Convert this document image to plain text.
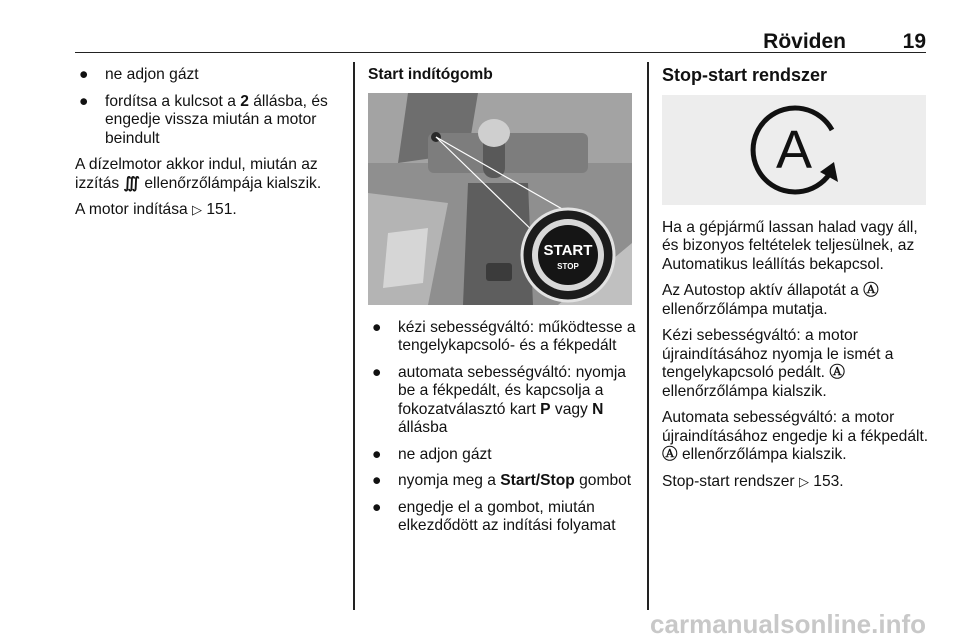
Röviden	19
● ne adjon gázt
● fordítsa a kulcsot a 2 állásba, és engedje vissza miután a motor beindult

A dízelmotor akkor indul, miután az izzítás ∭ ellenőrzőlámpája kialszik.

A motor indítása ▷ 151.

Start indítógomb
START
STOP
● kézi sebességváltó: működtesse a tengelykapcsoló- és a fékpedált
● automata sebességváltó: nyomja be a fékpedált, és kapcsolja a fokozatválasztó kart P vagy N állásba
● ne adjon gázt
● nyomja meg a Start/Stop gombot
● engedje el a gombot, miután elkezdődött az indítási folyamat
Stop-start rendszer
A

Ha a gépjármű lassan halad vagy áll, és bizonyos feltételek teljesülnek, az Automatikus leállítás bekapcsol.

Az Autostop aktív állapotát a Ⓐ ellenőrzőlámpa mutatja.

Kézi sebességváltó: a motor újraindításához nyomja le ismét a tengelykapcsoló pedált. Ⓐ ellenőrzőlámpa kialszik.

Automata sebességváltó: a motor újraindításához engedje ki a fékpedált. Ⓐ ellenőrzőlámpa kialszik.

Stop-start rendszer ▷ 153.

carmanualsonline.info
